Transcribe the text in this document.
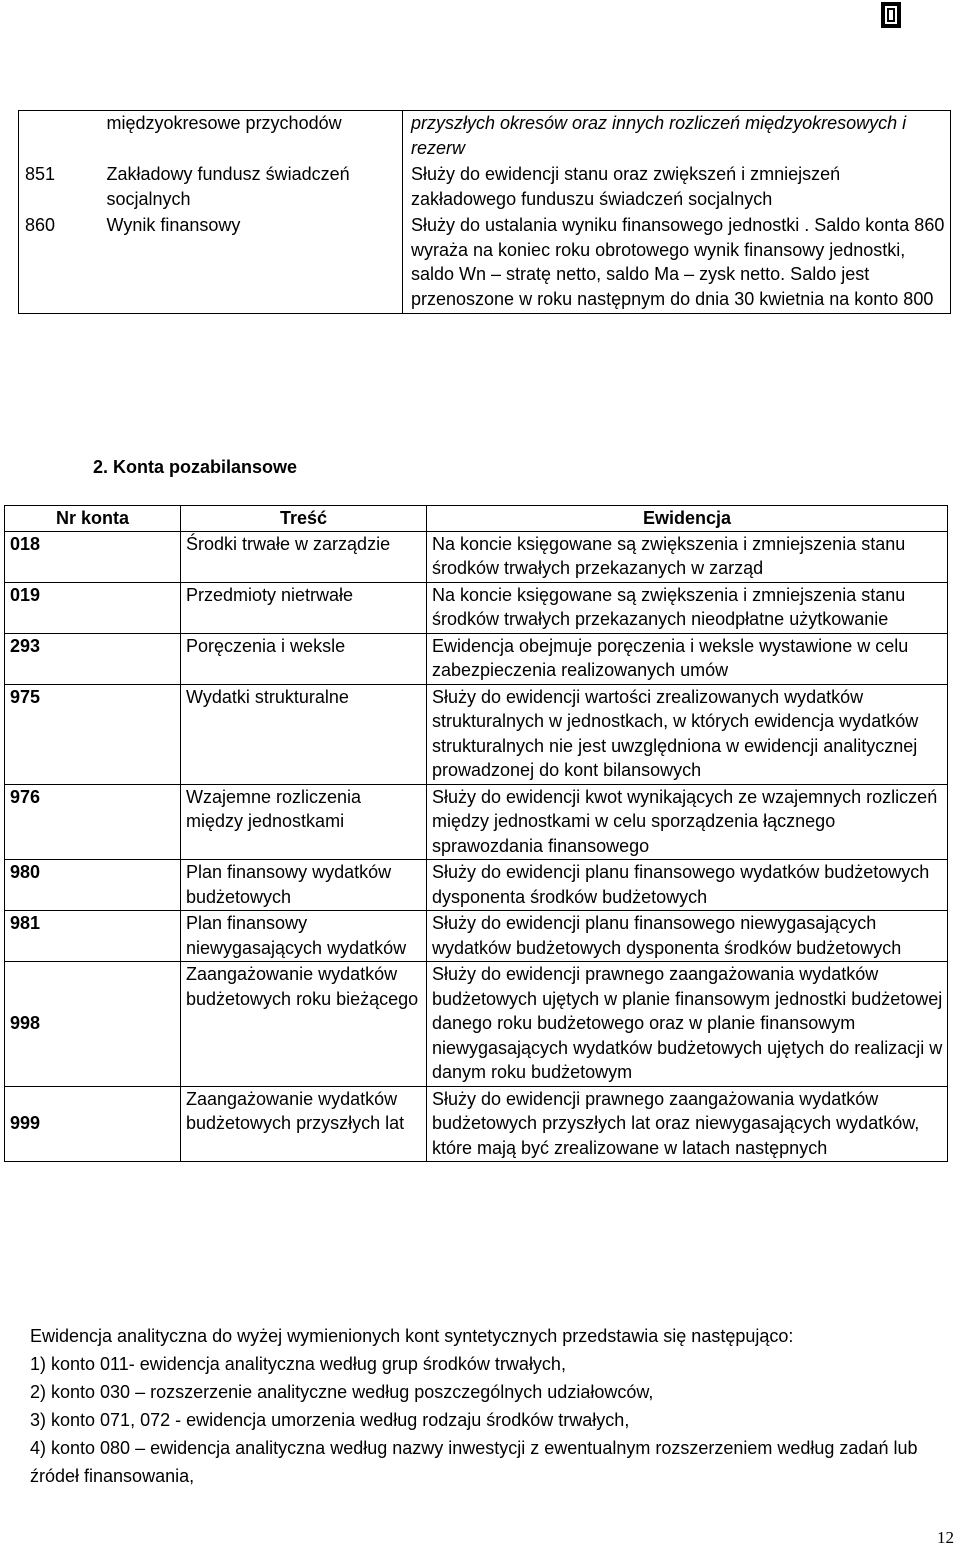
	międzyokresowe przychodów	przyszłych okresów oraz innych rozliczeń międzyokresowych i rezerw
851	Zakładowy fundusz świadczeń socjalnych	Służy do ewidencji stanu oraz zwiększeń i zmniejszeń zakładowego funduszu świadczeń socjalnych
860	Wynik finansowy	Służy do ustalania wyniku finansowego jednostki . Saldo konta 860 wyraża na koniec roku obrotowego wynik finansowy jednostki, saldo Wn – stratę netto, saldo Ma – zysk netto. Saldo jest przenoszone w roku następnym do dnia 30 kwietnia na konto 800
2. Konta pozabilansowe
Nr konta	Treść	Ewidencja
018	Środki trwałe w zarządzie	Na koncie księgowane są zwiększenia i zmniejszenia stanu środków trwałych przekazanych w zarząd
019	Przedmioty nietrwałe	Na koncie księgowane są zwiększenia i zmniejszenia stanu środków trwałych przekazanych nieodpłatne użytkowanie
293	Poręczenia i weksle	Ewidencja obejmuje poręczenia i weksle wystawione w celu zabezpieczenia realizowanych umów
975	Wydatki strukturalne	Służy do ewidencji wartości zrealizowanych wydatków strukturalnych w jednostkach, w których ewidencja wydatków strukturalnych nie jest uwzględniona w ewidencji analitycznej prowadzonej do kont bilansowych
976	Wzajemne rozliczenia między jednostkami	Służy do ewidencji kwot wynikających ze wzajemnych rozliczeń między jednostkami w celu sporządzenia łącznego sprawozdania finansowego
980	Plan finansowy wydatków budżetowych	Służy do ewidencji planu finansowego wydatków budżetowych dysponenta środków budżetowych
981	Plan finansowy niewygasających wydatków	Służy do ewidencji planu finansowego niewygasających wydatków budżetowych dysponenta środków budżetowych
998	Zaangażowanie wydatków budżetowych roku bieżącego	Służy do ewidencji prawnego zaangażowania wydatków budżetowych ujętych w planie finansowym jednostki budżetowej danego roku budżetowego oraz w planie finansowym niewygasających wydatków budżetowych ujętych do realizacji w danym roku budżetowym
999	Zaangażowanie wydatków budżetowych przyszłych lat	Służy do ewidencji prawnego zaangażowania wydatków budżetowych przyszłych lat oraz niewygasających wydatków, które mają być zrealizowane w latach następnych

Ewidencja analityczna do wyżej wymienionych kont syntetycznych przedstawia się następująco:

1) konto 011- ewidencja analityczna według grup środków trwałych,

2) konto 030 – rozszerzenie analityczne według poszczególnych udziałowców,

3) konto 071, 072 - ewidencja umorzenia według rodzaju środków trwałych,

4) konto 080 – ewidencja analityczna według nazwy inwestycji z ewentualnym rozszerzeniem według zadań lub źródeł finansowania,

12
